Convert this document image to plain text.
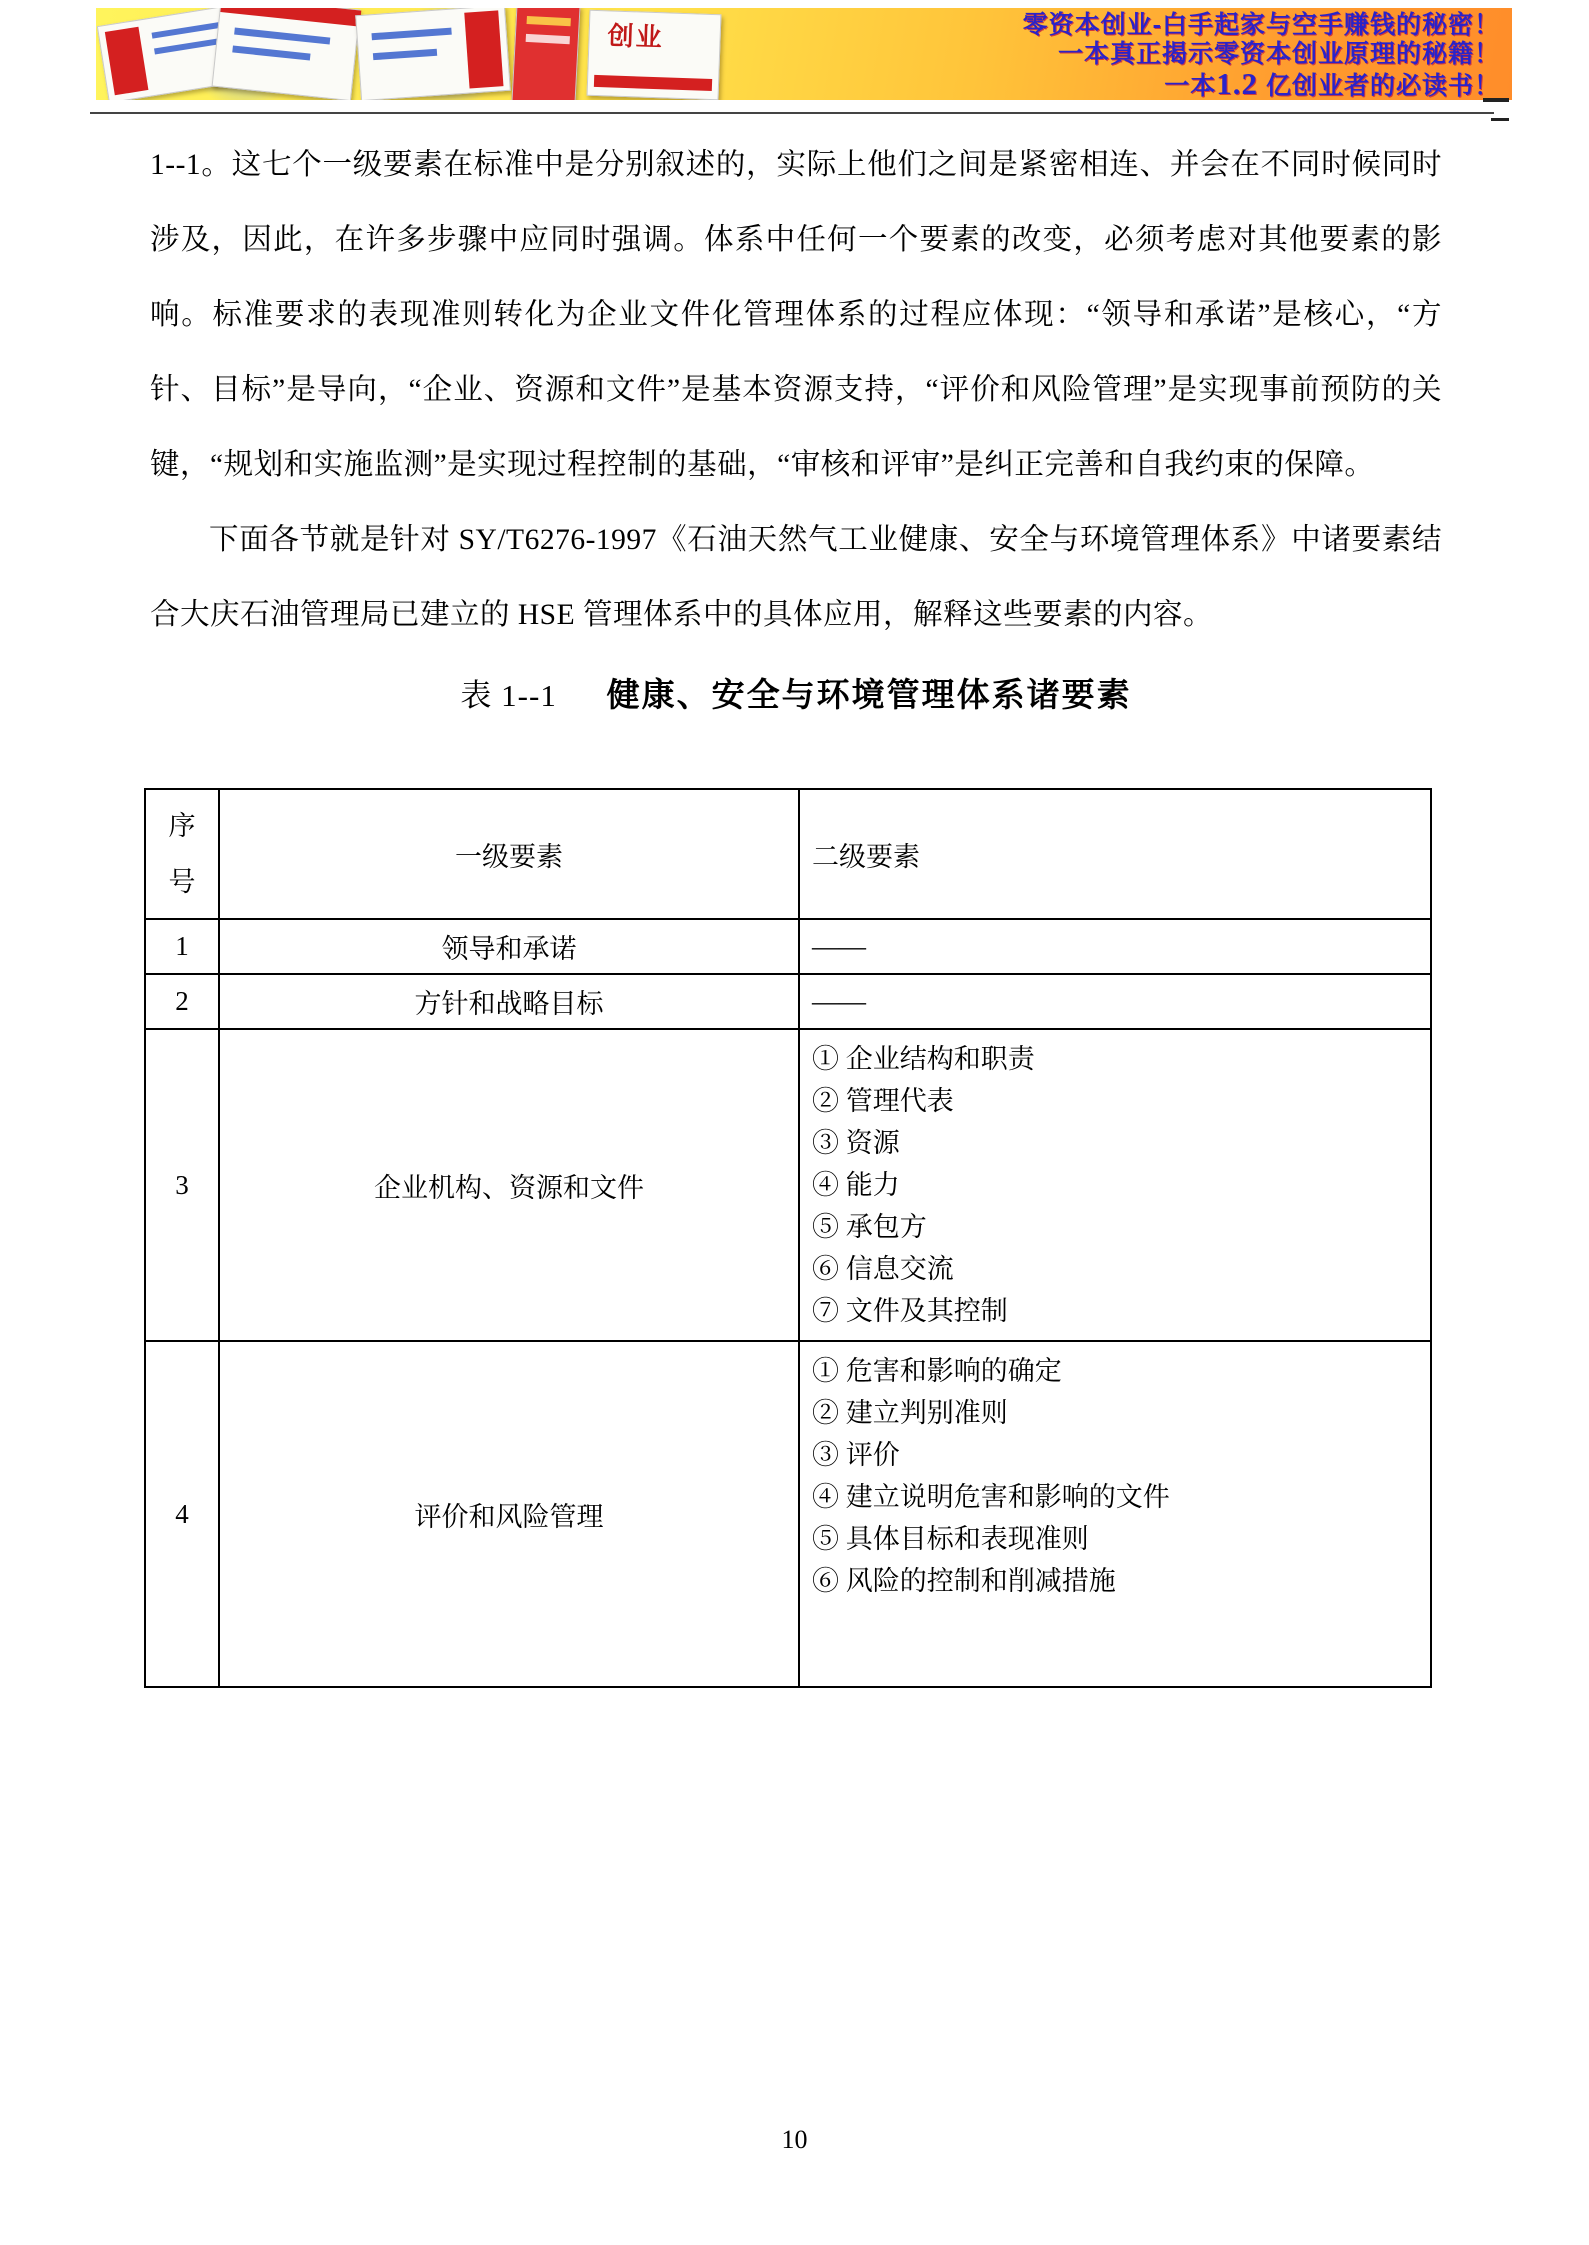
创业	零资本创业-白手起家与空手赚钱的秘密！
一本真正揭示零资本创业原理的秘籍！
一本1.2 亿创业者的必读书！

1--1。这七个一级要素在标准中是分别叙述的，实际上他们之间是紧密相连、并会在不同时候同时涉及，因此，在许多步骤中应同时强调。体系中任何一个要素的改变，必须考虑对其他要素的影响。标准要求的表现准则转化为企业文件化管理体系的过程应体现：“领导和承诺”是核心，“方针、目标”是导向，“企业、资源和文件”是基本资源支持，“评价和风险管理”是实现事前预防的关键，“规划和实施监测”是实现过程控制的基础，“审核和评审”是纠正完善和自我约束的保障。

下面各节就是针对 SY/T6276-1997《石油天然气工业健康、安全与环境管理体系》中诸要素结合大庆石油管理局已建立的 HSE 管理体系中的具体应用，解释这些要素的内容。

表 1--1 健康、安全与环境管理体系诸要素
序号	一级要素	二级要素
1	领导和承诺	——
2	方针和战略目标	——
3	企业机构、资源和文件	
① 企业结构和职责
② 管理代表
③ 资源
④ 能力
⑤ 承包方
⑥ 信息交流
⑦ 文件及其控制

4	评价和风险管理	
① 危害和影响的确定
② 建立判别准则
③ 评价
④ 建立说明危害和影响的文件
⑤ 具体目标和表现准则
⑥ 风险的控制和削减措施
10
